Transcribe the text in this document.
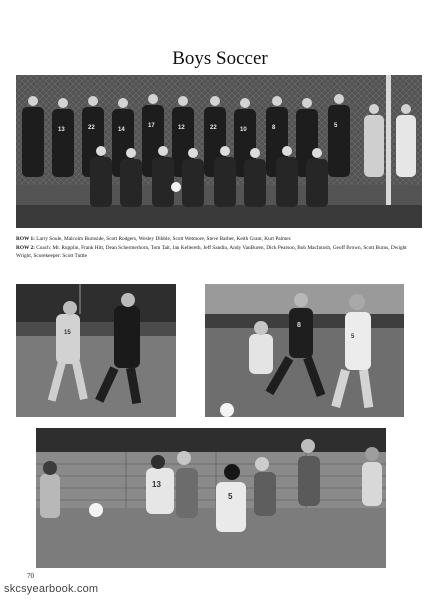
Boys Soccer
13	22	14
17	12	22	10	8	5
ROW 1: Larry Soule, Malcolm Burnside, Scott Rodgers, Wesley Dibble, Scott Wetmore, Steve Barber, Keith Grant, Kurt Palmer.
ROW 2: Coach: Mr. Rupplin, Frank Hitt, Dean Schermerhorn, Tom Tait, Jan Kellereth, Jeff Sandin, Andy VanBuren, Dick Pearson, Bob MacIntosh, Geoff Brown, Scott Burns, Dwight Wright, Scorekeeper: Scott Tuttle
15
8
5
13
5
70
skcsyearbook.com
